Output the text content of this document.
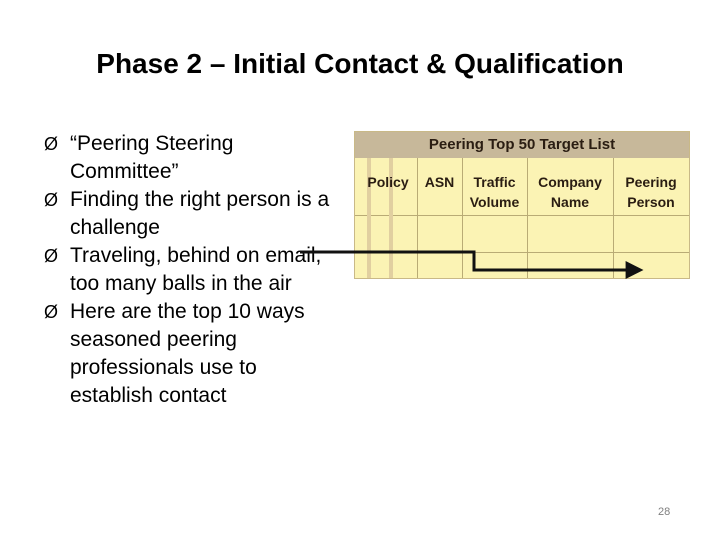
Phase 2 – Initial Contact & Qualification
Ø “Peering Steering Committee”
Ø Finding the right person is a challenge
Ø Traveling, behind on email, too many balls in the air
Ø Here are the top 10 ways seasoned peering professionals use to establish contact
Peering Top 50 Target List
Policy	ASN	Traffic
Volume
Company
Name
Peering
Person
28
